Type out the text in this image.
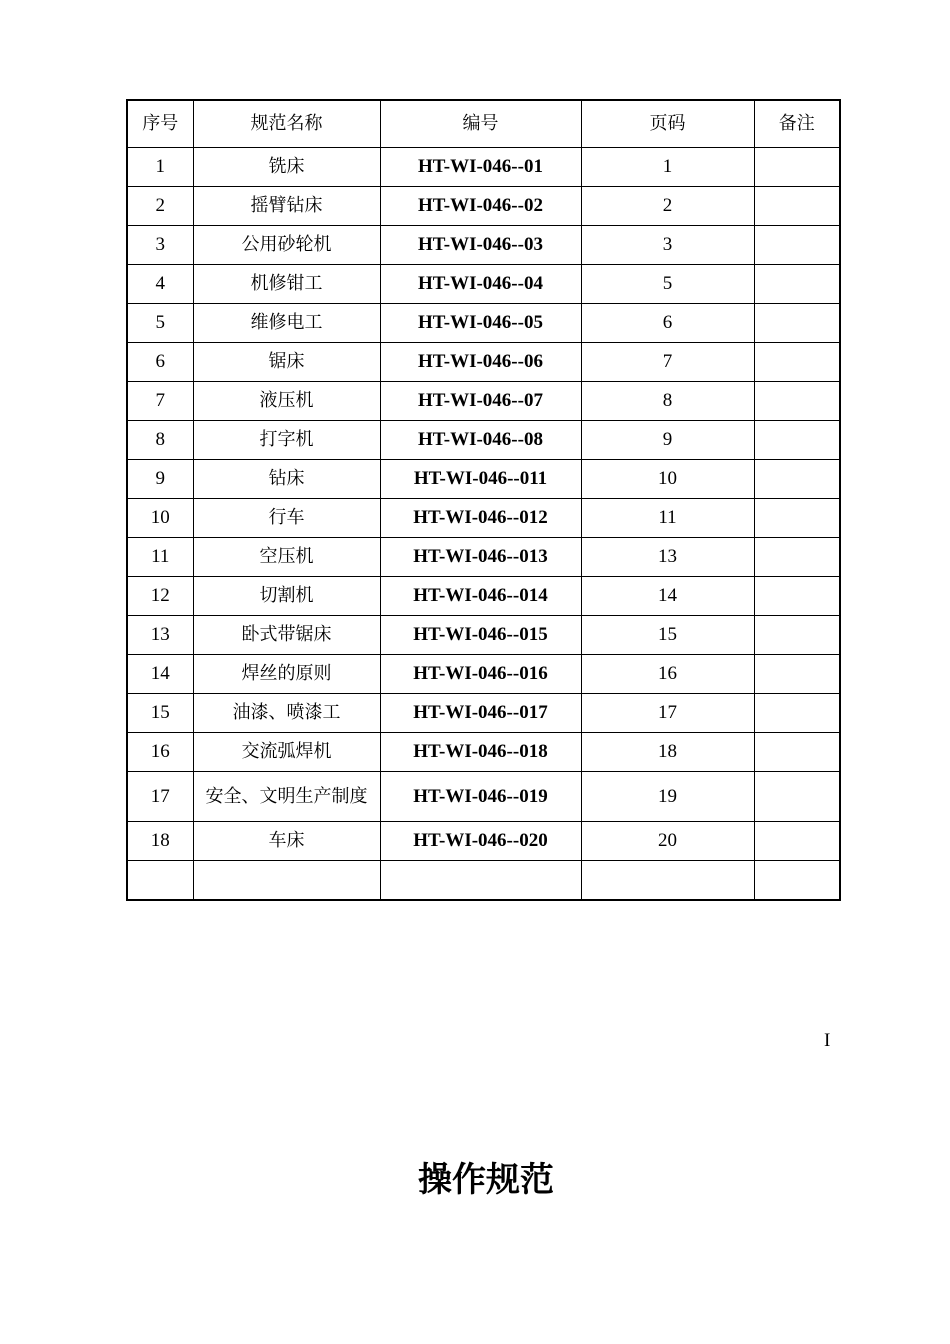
序号	规范名称	编号	页码	备注
1	铣床	HT-WI-046--01	1	
2	摇臂钻床	HT-WI-046--02	2	
3	公用砂轮机	HT-WI-046--03	3	
4	机修钳工	HT-WI-046--04	5	
5	维修电工	HT-WI-046--05	6	
6	锯床	HT-WI-046--06	7	
7	液压机	HT-WI-046--07	8	
8	打字机	HT-WI-046--08	9	
9	钻床	HT-WI-046--011	10	
10	行车	HT-WI-046--012	11	
11	空压机	HT-WI-046--013	13	
12	切割机	HT-WI-046--014	14	
13	卧式带锯床	HT-WI-046--015	15	
14	焊丝的原则	HT-WI-046--016	16	
15	油漆、喷漆工	HT-WI-046--017	17	
16	交流弧焊机	HT-WI-046--018	18	
17	安全、文明生产制度	HT-WI-046--019	19	
18	车床	HT-WI-046--020	20	

I
操作规范
